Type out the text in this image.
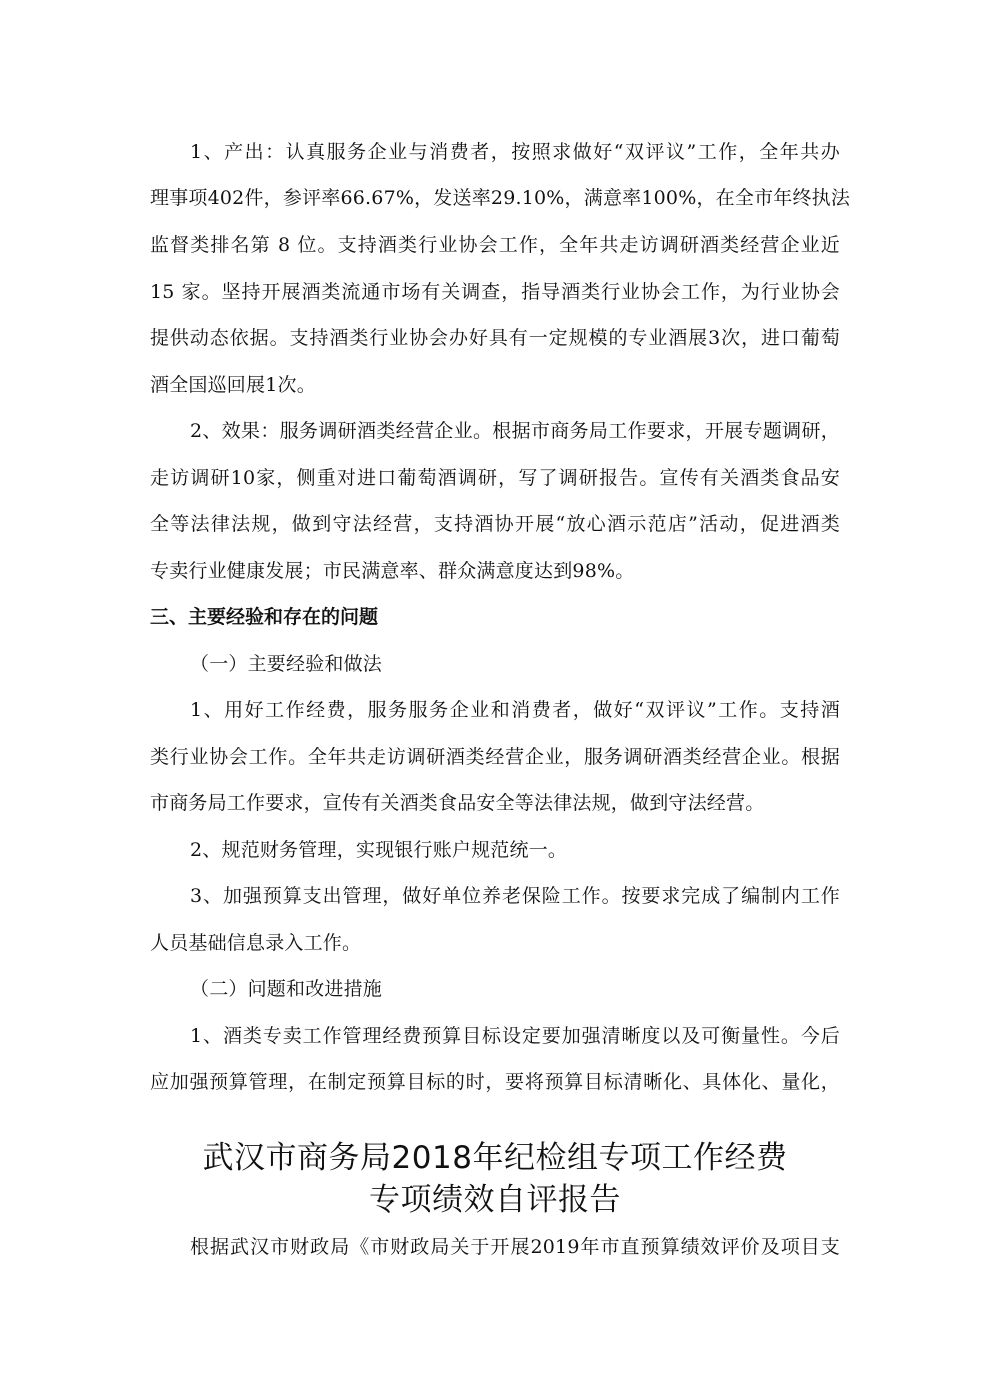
1、产出：认真服务企业与消费者，按照求做好“双评议”工作，全年共办
理事项402件，参评率66.67%，发送率29.10%，满意率100%，在全市年终执法
监督类排名第 8 位。支持酒类行业协会工作，全年共走访调研酒类经营企业近
15 家。坚持开展酒类流通市场有关调查，指导酒类行业协会工作，为行业协会
提供动态依据。支持酒类行业协会办好具有一定规模的专业酒展3次，进口葡萄
酒全国巡回展1次。
2、效果：服务调研酒类经营企业。根据市商务局工作要求，开展专题调研，
走访调研10家，侧重对进口葡萄酒调研，写了调研报告。宣传有关酒类食品安
全等法律法规，做到守法经营，支持酒协开展“放心酒示范店”活动，促进酒类
专卖行业健康发展；市民满意率、群众满意度达到98%。
三、主要经验和存在的问题
（一）主要经验和做法
1、用好工作经费，服务服务企业和消费者，做好“双评议”工作。支持酒
类行业协会工作。全年共走访调研酒类经营企业，服务调研酒类经营企业。根据
市商务局工作要求，宣传有关酒类食品安全等法律法规，做到守法经营。
2、规范财务管理，实现银行账户规范统一。
3、加强预算支出管理，做好单位养老保险工作。按要求完成了编制内工作
人员基础信息录入工作。
（二）问题和改进措施
1、酒类专卖工作管理经费预算目标设定要加强清晰度以及可衡量性。今后
应加强预算管理，在制定预算目标的时，要将预算目标清晰化、具体化、量化，
武汉市商务局2018年纪检组专项工作经费
专项绩效自评报告
根据武汉市财政局《市财政局关于开展2019年市直预算绩效评价及项目支
